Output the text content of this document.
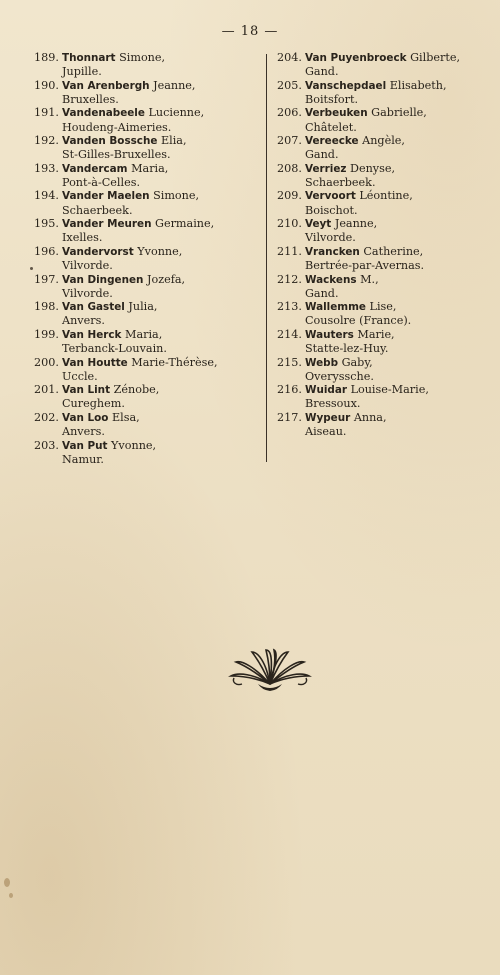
— 18 —
189. Thonnart Simone,
Jupille.
190. Van Arenbergh Jeanne,
Bruxelles.
191. Vandenabeele Lucienne,
Houdeng-Aimeries.
192. Vanden Bossche Elia,
St-Gilles-Bruxelles.
193. Vandercam Maria,
Pont-à-Celles.
194. Vander Maelen Simone,
Schaerbeek.
195. Vander Meuren Germaine,
Ixelles.
196. Vandervorst Yvonne,
Vilvorde.
197. Van Dingenen Jozefa,
Vilvorde.
198. Van Gastel Julia,
Anvers.
199. Van Herck Maria,
Terbanck-Louvain.
200. Van Houtte Marie-Thérèse,
Uccle.
201. Van Lint Zénobe,
Cureghem.
202. Van Loo Elsa,
Anvers.
203. Van Put Yvonne,
Namur.
204. Van Puyenbroeck Gilberte,
Gand.
205. Vanschepdael Elisabeth,
Boitsfort.
206. Verbeuken Gabrielle,
Châtelet.
207. Vereecke Angèle,
Gand.
208. Verriez Denyse,
Schaerbeek.
209. Vervoort Léontine,
Boischot.
210. Veyt Jeanne,
Vilvorde.
211. Vrancken Catherine,
Bertrée-par-Avernas.
212. Wackens M.,
Gand.
213. Wallemme Lise,
Cousolre (France).
214. Wauters Marie,
Statte-lez-Huy.
215. Webb Gaby,
Overyssche.
216. Wuidar Louise-Marie,
Bressoux.
217. Wypeur Anna,
Aiseau.
